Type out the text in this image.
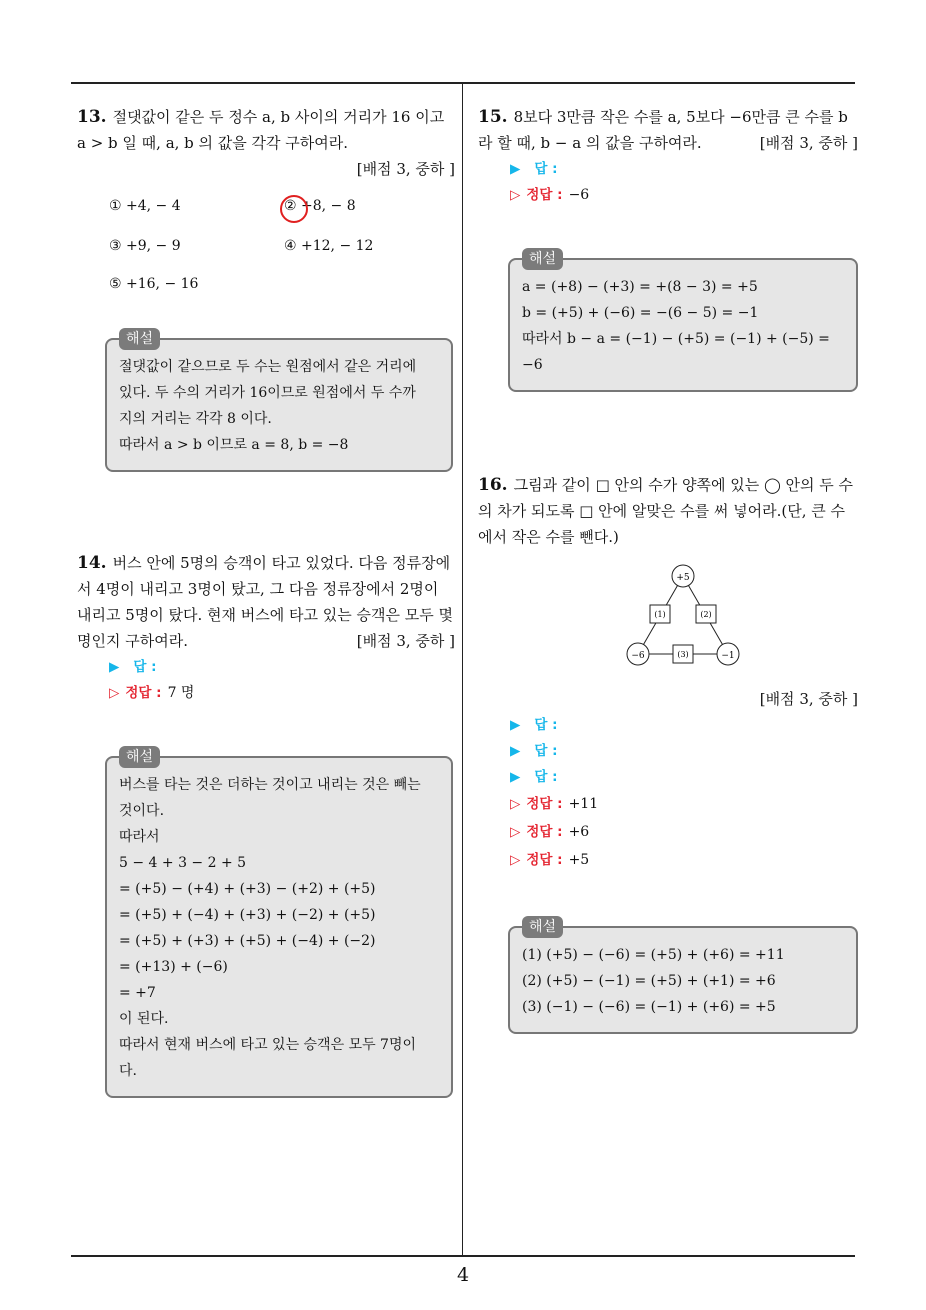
4
13. 절댓값이 같은 두 정수 a, b 사이의 거리가 16 이고 a > b 일 때, a, b 의 값을 각각 구하여라.
[배점 3, 중하 ]
① +4, − 4	② +8, − 8
③ +9, − 9	④ +12, − 12
⑤ +16, − 16
해설
절댓값이 같으므로 두 수는 원점에서 같은 거리에
있다. 두 수의 거리가 16이므로 원점에서 두 수까
지의 거리는 각각 8 이다.
따라서 a > b 이므로 a = 8, b = −8
14. 버스 안에 5명의 승객이 타고 있었다. 다음 정류장에서 4명이 내리고 3명이 탔고, 그 다음 정류장에서 2명이 내리고 5명이 탔다. 현재 버스에 타고 있는 승객은 모두 몇 명인지 구하여라.	[배점 3, 중하 ]
▶ 답 :
▷ 정답 : 7 명
해설
버스를 타는 것은 더하는 것이고 내리는 것은 빼는
것이다.
따라서
5 − 4 + 3 − 2 + 5
= (+5) − (+4) + (+3) − (+2) + (+5)
= (+5) + (−4) + (+3) + (−2) + (+5)
= (+5) + (+3) + (+5) + (−4) + (−2)
= (+13) + (−6)
= +7
이 된다.
따라서 현재 버스에 타고 있는 승객은 모두 7명이
다.
15. 8보다 3만큼 작은 수를 a, 5보다 −6만큼 큰 수를 b 라 할 때, b − a 의 값을 구하여라.	[배점 3, 중하 ]
▶ 답 :
▷ 정답 : −6
해설
a = (+8) − (+3) = +(8 − 3) = +5
b = (+5) + (−6) = −(6 − 5) = −1
따라서 b − a = (−1) − (+5) = (−1) + (−5) = −6
16. 그림과 같이 □ 안의 수가 양쪽에 있는 ◯ 안의 두 수의 차가 되도록 □ 안에 알맞은 수를 써 넣어라.(단, 큰 수에서 작은 수를 뺀다.)
+5
−6	−1
(1)	(2)
(3)
[배점 3, 중하 ]
▶ 답 :
▶ 답 :
▶ 답 :
▷ 정답 : +11
▷ 정답 : +6
▷ 정답 : +5
해설
(1) (+5) − (−6) = (+5) + (+6) = +11
(2) (+5) − (−1) = (+5) + (+1) = +6
(3) (−1) − (−6) = (−1) + (+6) = +5
